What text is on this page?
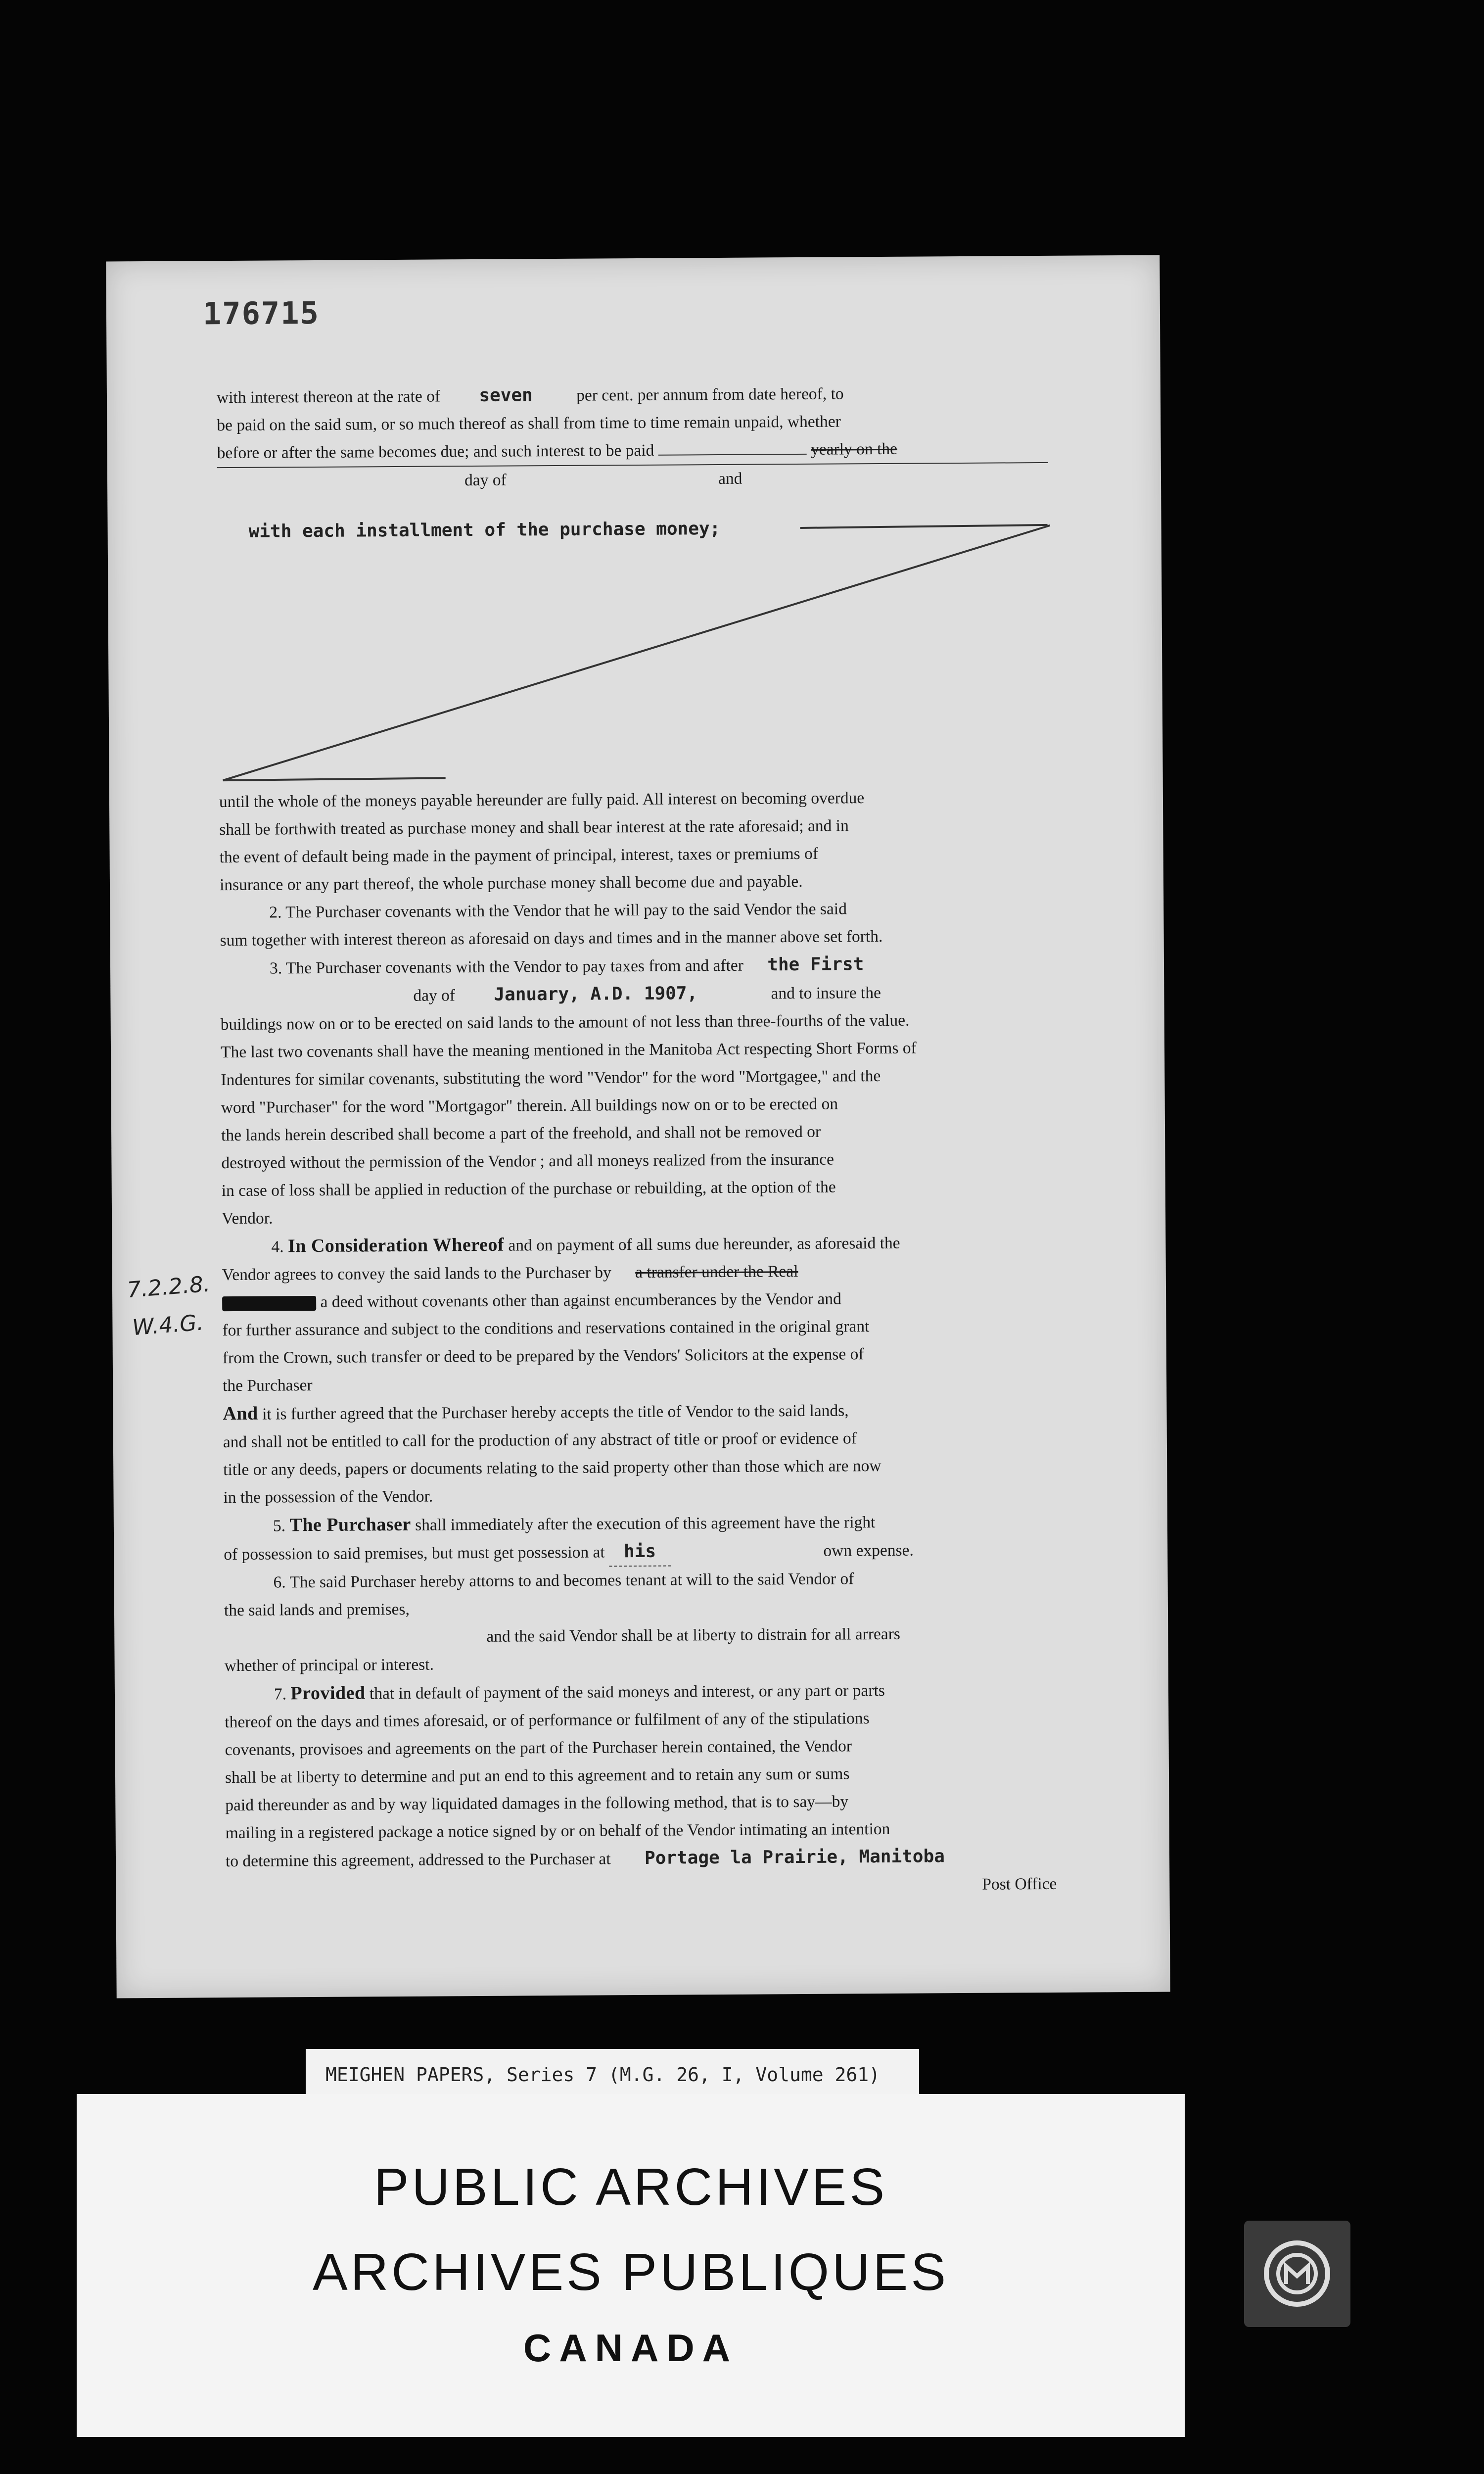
176715
with interest thereon at the rate of seven	per cent. per annum from date hereof, to
be paid on the said sum, or so much thereof as shall from time to time remain unpaid, whether
before or after the same becomes due; and such interest to be paid	yearly on the
day of	and
with each installment of the purchase money;
until the whole of the moneys payable hereunder are fully paid. All interest on becoming overdue
shall be forthwith treated as purchase money and shall bear interest at the rate aforesaid; and in
the event of default being made in the payment of principal, interest, taxes or premiums of
insurance or any part thereof, the whole purchase money shall become due and payable.
2. The Purchaser covenants with the Vendor that he will pay to the said Vendor the said
sum together with interest thereon as aforesaid on days and times and in the manner above set forth.
3. The Purchaser covenants with the Vendor to pay taxes from and after the First
day of January, A.D. 1907,	and to insure the
buildings now on or to be erected on said lands to the amount of not less than three-fourths of the value.
The last two covenants shall have the meaning mentioned in the Manitoba Act respecting Short Forms of
Indentures for similar covenants, substituting the word "Vendor" for the word "Mortgagee," and the
word "Purchaser" for the word "Mortgagor" therein. All buildings now on or to be erected on
the lands herein described shall become a part of the freehold, and shall not be removed or
destroyed without the permission of the Vendor ; and all moneys realized from the insurance
in case of loss shall be applied in reduction of the purchase or rebuilding, at the option of the
Vendor.
4. In Consideration Whereof and on payment of all sums due hereunder, as aforesaid the
Vendor agrees to convey the said lands to the Purchaser by a transfer under the Real
a deed without covenants other than against encumberances by the Vendor and
for further assurance and subject to the conditions and reservations contained in the original grant
from the Crown, such transfer or deed to be prepared by the Vendors' Solicitors at the expense of
the Purchaser
And it is further agreed that the Purchaser hereby accepts the title of Vendor to the said lands,
and shall not be entitled to call for the production of any abstract of title or proof or evidence of
title or any deeds, papers or documents relating to the said property other than those which are now
in the possession of the Vendor.
5. The Purchaser shall immediately after the execution of this agreement have the right
of possession to said premises, but must get possession at his	own expense.
6. The said Purchaser hereby attorns to and becomes tenant at will to the said Vendor of
the said lands and premises,
and the said Vendor shall be at liberty to distrain for all arrears
whether of principal or interest.
7. Provided that in default of payment of the said moneys and interest, or any part or parts
thereof on the days and times aforesaid, or of performance or fulfilment of any of the stipulations
covenants, provisoes and agreements on the part of the Purchaser herein contained, the Vendor
shall be at liberty to determine and put an end to this agreement and to retain any sum or sums
paid thereunder as and by way liquidated damages in the following method, that is to say—by
mailing in a registered package a notice signed by or on behalf of the Vendor intimating an intention
to determine this agreement, addressed to the Purchaser at Portage la Prairie, Manitoba
Post Office
7.2.2.8.
W.4.G.
MEIGHEN PAPERS, Series 7 (M.G. 26, I, Volume 261)
PUBLIC ARCHIVES
ARCHIVES PUBLIQUES
CANADA
